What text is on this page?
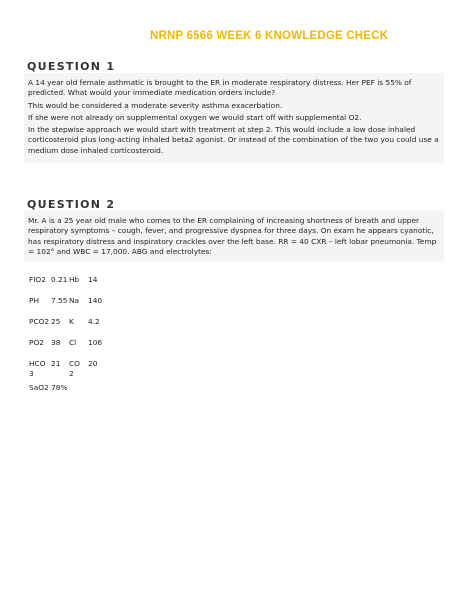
NRNP 6566 WEEK 6 KNOWLEDGE CHECK
QUESTION 1

A 14 year old female asthmatic is brought to the ER in moderate respiratory distress. Her PEF is 55% of predicted. What would your immediate medication orders include?

This would be considered a moderate severity asthma exacerbation.

If she were not already on supplemental oxygen we would start off with supplemental O2.

In the stepwise approach we would start with treatment at step 2. This would include a low dose inhaled corticosteroid plus long-acting inhaled beta2 agonist. Or instead of the combination of the two you could use a medium dose inhaled corticosteroid.

QUESTION 2

Mr. A is a 25 year old male who comes to the ER complaining of increasing shortness of breath and upper respiratory symptoms – cough, fever, and progressive dyspnea for three days. On exam he appears cyanotic, has respiratory distress and inspiratory crackles over the left base. RR = 40 CXR – left lobar pneumonia. Temp = 102° and WBC = 17,000. ABG and electrolytes:

FIO2 0.21 Hb 14
PH 7.55 Na 140
PCO2 25 K 4.2
PO2 38 Cl 106
HCO
3
21 CO
2
20
SaO2 78%
